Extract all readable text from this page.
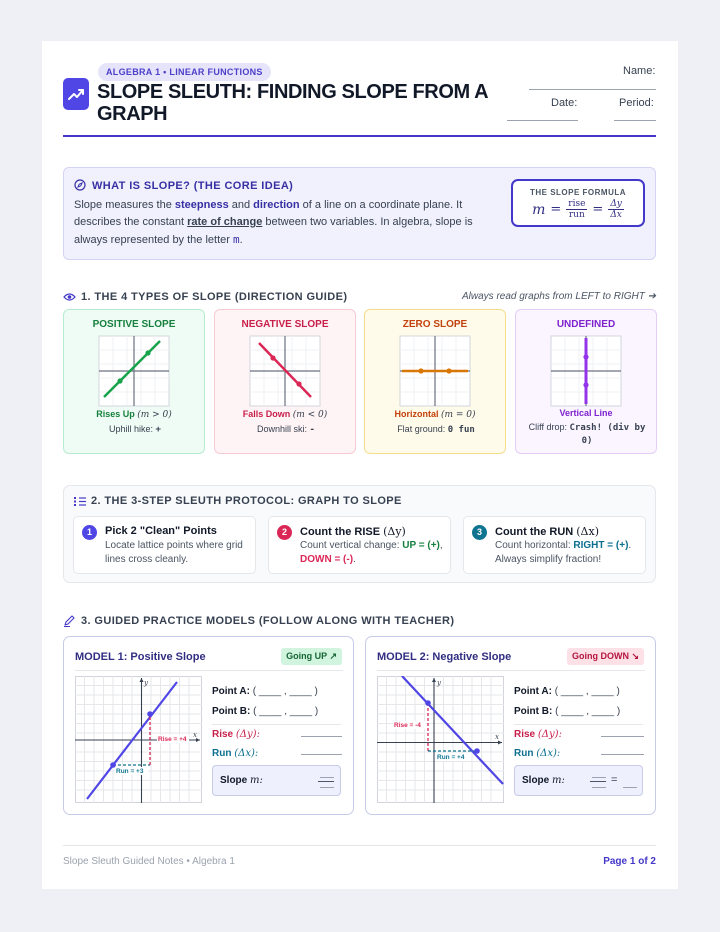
ALGEBRA 1 • LINEAR FUNCTIONS
SLOPE SLEUTH: FINDING SLOPE FROM A GRAPH
Name:
Date:	Period:
WHAT IS SLOPE? (THE CORE IDEA)
Slope measures the steepness and direction of a line on a coordinate plane. It describes the constant rate of change between two variables. In algebra, slope is always represented by the letter m.
THE SLOPE FORMULA
$m = \frac{\text{rise}}{\text{run}} = \frac{\Delta y}{\Delta x}$
1. THE 4 TYPES OF SLOPE (DIRECTION GUIDE)	Always read graphs from LEFT to RIGHT ➔
POSITIVE SLOPE
Rises Up (m > 0)
Uphill hike: +
NEGATIVE SLOPE
Falls Down (m < 0)
Downhill ski: -
ZERO SLOPE
Horizontal (m = 0)
Flat ground: 0 fun
UNDEFINED
Vertical Line
Cliff drop: Crash! (div by 0)
2. THE 3-STEP SLEUTH PROTOCOL: GRAPH TO SLOPE
1	Pick 2 "Clean" Points
Locate lattice points where grid lines cross cleanly.
2	Count the RISE (Δy)
Count vertical change: UP = (+), DOWN = (-).
3	Count the RUN (Δx)
Count horizontal: RIGHT = (+). Always simplify fraction!
3. GUIDED PRACTICE MODELS (FOLLOW ALONG WITH TEACHER)
MODEL 1: Positive Slope	Going UP ↗
y
x
Rise = +4
Run = +3
Point A: ( ____ , ____ )
Point B: ( ____ , ____ )
Rise (Δy):
Run (Δx):
Slope m:
MODEL 2: Negative Slope	Going DOWN ↘
y
x
Rise = -4
Run = +4
Point A: ( ____ , ____ )
Point B: ( ____ , ____ )
Rise (Δy):
Run (Δx):
Slope m:	=
Slope Sleuth Guided Notes • Algebra 1	Page 1 of 2
